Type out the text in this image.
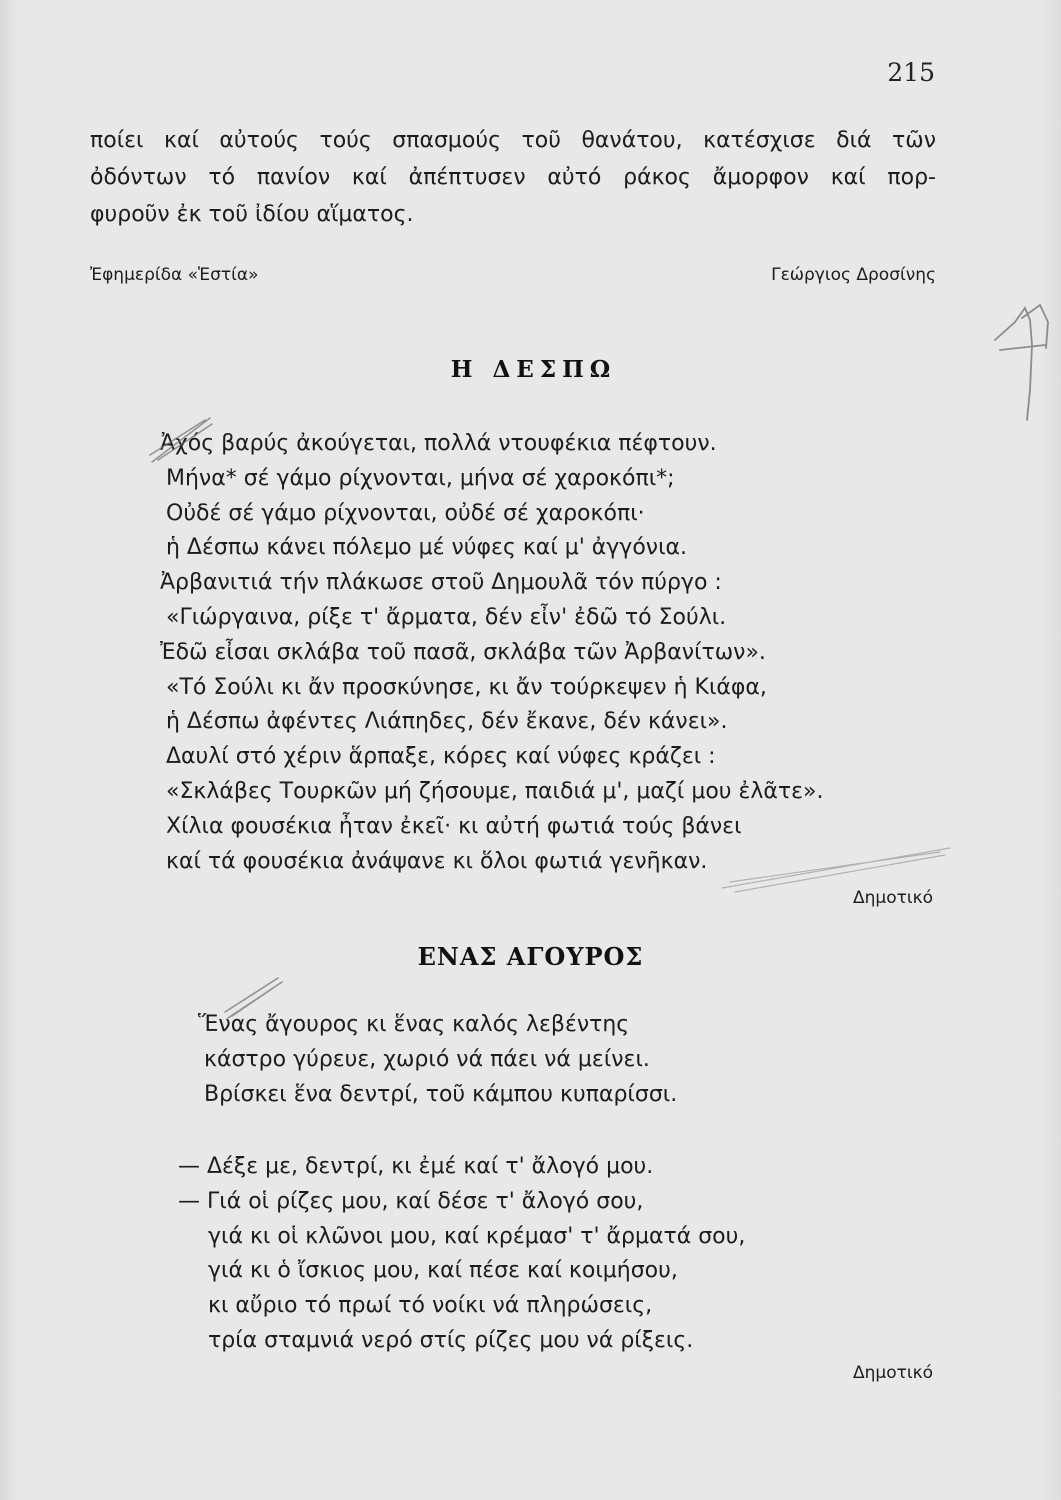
215
ποίει καί αὐτούς τούς σπασμούς τοῦ θανάτου, κατέσχισε διά τῶν
ὀδόντων τό πανίον καί ἀπέπτυσεν αὐτό ράκος ἄμορφον καί πορ-
φυροῦν ἐκ τοῦ ἰδίου αἵματος.
Ἐφημερίδα «Ἑστία»	Γεώργιος Δροσίνης
Η ΔΕΣΠΩ
Ἀχός βαρύς ἀκούγεται, πολλά ντουφέκια πέφτουν.
Μήνα* σέ γάμο ρίχνονται, μήνα σέ χαροκόπι*;
Οὐδέ σέ γάμο ρίχνονται, οὐδέ σέ χαροκόπι·
ἡ Δέσπω κάνει πόλεμο μέ νύφες καί μ' ἀγγόνια.
Ἀρβανιτιά τήν πλάκωσε στοῦ Δημουλᾶ τόν πύργο :
«Γιώργαινα, ρίξε τ' ἄρματα, δέν εἶν' ἐδῶ τό Σούλι.
Ἐδῶ εἶσαι σκλάβα τοῦ πασᾶ, σκλάβα τῶν Ἀρβανίτων».
«Τό Σούλι κι ἄν προσκύνησε, κι ἄν τούρκεψεν ἡ Κιάφα,
ἡ Δέσπω ἀφέντες Λιάπηδες, δέν ἔκανε, δέν κάνει».
Δαυλί στό χέριν ἅρπαξε, κόρες καί νύφες κράζει :
«Σκλάβες Τουρκῶν μή ζήσουμε, παιδιά μ', μαζί μου ἐλᾶτε».
Χίλια φουσέκια ἦταν ἐκεῖ· κι αὐτή φωτιά τούς βάνει
καί τά φουσέκια ἀνάψανε κι ὅλοι φωτιά γενῆκαν.
Δημοτικό
ΕΝΑΣ ΑΓΟΥΡΟΣ
Ἕνας ἄγουρος κι ἕνας καλός λεβέντης
κάστρο γύρευε, χωριό νά πάει νά μείνει.
Βρίσκει ἕνα δεντρί, τοῦ κάμπου κυπαρίσσι.
— Δέξε με, δεντρί, κι ἐμέ καί τ' ἄλογό μου.
— Γιά οἱ ρίζες μου, καί δέσε τ' ἄλογό σου,
γιά κι οἱ κλῶνοι μου, καί κρέμασ' τ' ἄρματά σου,
γιά κι ὁ ἴσκιος μου, καί πέσε καί κοιμήσου,
κι αὔριο τό πρωί τό νοίκι νά πληρώσεις,
τρία σταμνιά νερό στίς ρίζες μου νά ρίξεις.
Δημοτικό
